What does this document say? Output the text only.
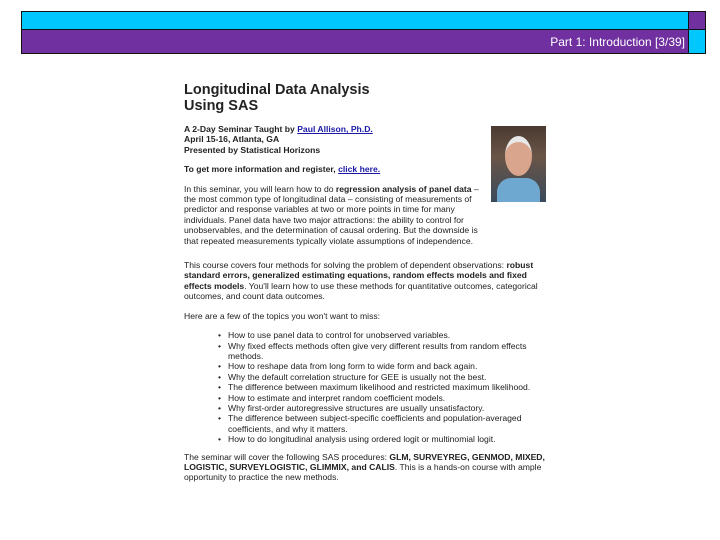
Part 1: Introduction [3/39]
Longitudinal Data Analysis
Using SAS

A 2-Day Seminar Taught by Paul Allison, Ph.D.
April 15-16, Atlanta, GA
Presented by Statistical Horizons

To get more information and register, click here.

In this seminar, you will learn how to do regression analysis of panel data – the most common type of longitudinal data – consisting of measurements of predictor and response variables at two or more points in time for many individuals. Panel data have two major attractions: the ability to control for unobservables, and the determination of causal ordering. But the downside is that repeated measurements typically violate assumptions of independence.

This course covers four methods for solving the problem of dependent observations: robust standard errors, generalized estimating equations, random effects models and fixed effects models. You'll learn how to use these methods for quantitative outcomes, categorical outcomes, and count data outcomes.

Here are a few of the topics you won't want to miss:

• How to use panel data to control for unobserved variables.
• Why fixed effects methods often give very different results from random effects methods.
• How to reshape data from long form to wide form and back again.
• Why the default correlation structure for GEE is usually not the best.
• The difference between maximum likelihood and restricted maximum likelihood.
• How to estimate and interpret random coefficient models.
• Why first-order autoregressive structures are usually unsatisfactory.
• The difference between subject-specific coefficients and population-averaged coefficients, and why it matters.
• How to do longitudinal analysis using ordered logit or multinomial logit.

The seminar will cover the following SAS procedures: GLM, SURVEYREG, GENMOD, MIXED, LOGISTIC, SURVEYLOGISTIC, GLIMMIX, and CALIS. This is a hands-on course with ample opportunity to practice the new methods.
